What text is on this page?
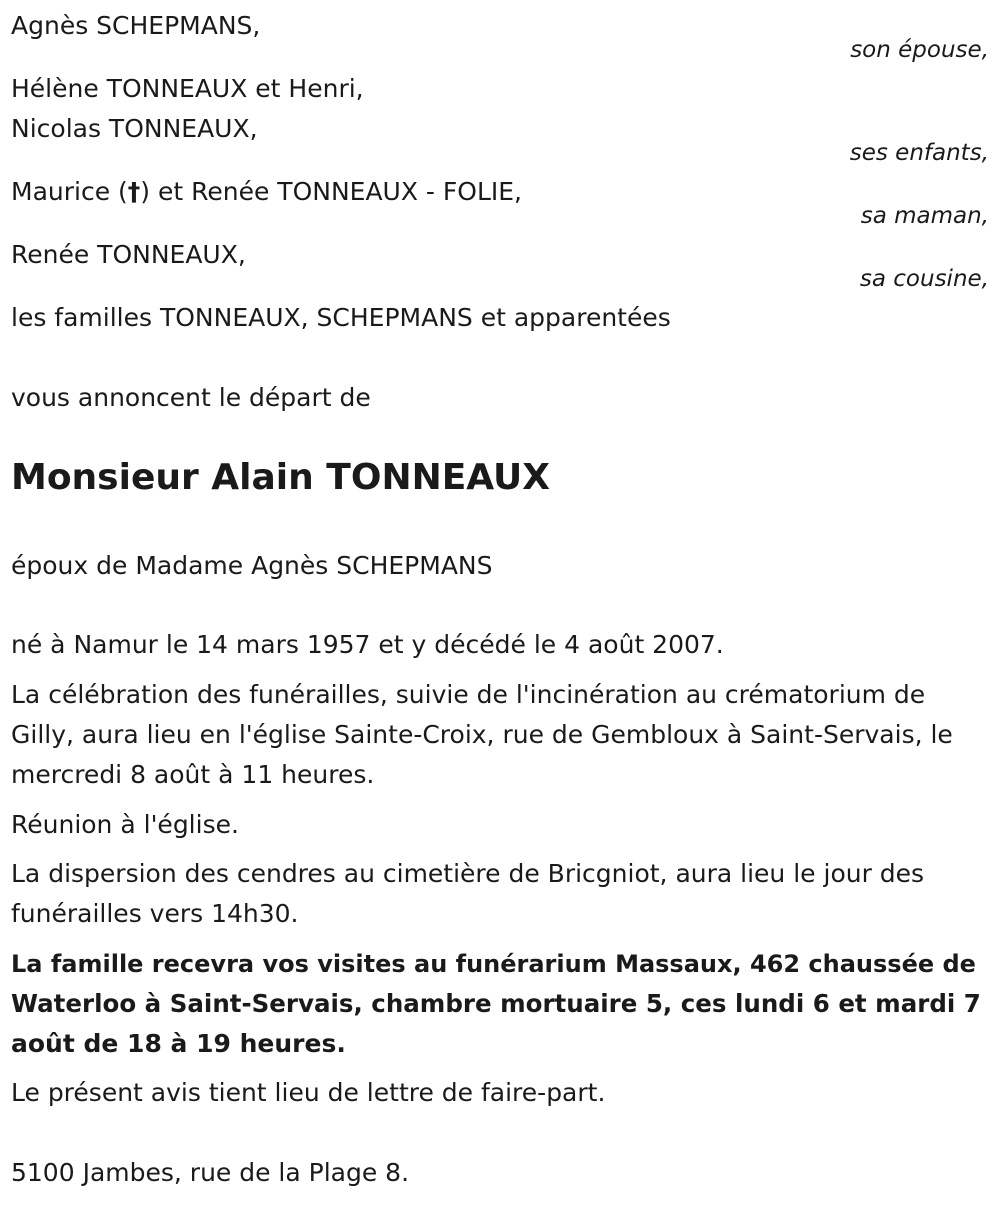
Agnès SCHEPMANS,
son épouse,
Hélène TONNEAUX et Henri,
Nicolas TONNEAUX,
ses enfants,
Maurice (†) et Renée TONNEAUX - FOLIE,
sa maman,
Renée TONNEAUX,
sa cousine,
les familles TONNEAUX, SCHEPMANS et apparentées
vous annoncent le départ de
Monsieur Alain TONNEAUX
époux de Madame Agnès SCHEPMANS
né à Namur le 14 mars 1957 et y décédé le 4 août 2007.
La célébration des funérailles, suivie de l'incinération au crématorium de
Gilly, aura lieu en l'église Sainte-Croix, rue de Gembloux à Saint-Servais, le
mercredi 8 août à 11 heures.
Réunion à l'église.
La dispersion des cendres au cimetière de Bricgniot, aura lieu le jour des
funérailles vers 14h30.
La famille recevra vos visites au funérarium Massaux, 462 chaussée de
Waterloo à Saint-Servais, chambre mortuaire 5, ces lundi 6 et mardi 7
août de 18 à 19 heures.
Le présent avis tient lieu de lettre de faire-part.
5100 Jambes, rue de la Plage 8.
